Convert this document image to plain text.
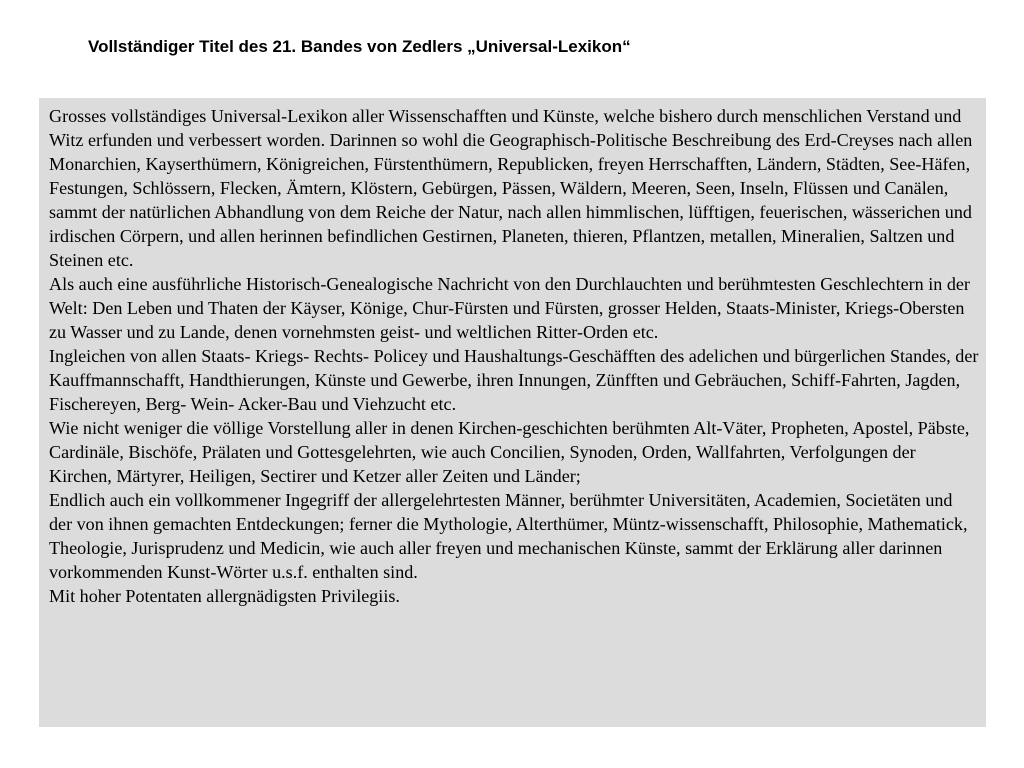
Vollständiger Titel des 21. Bandes von Zedlers „Universal-Lexikon“

Grosses vollständiges Universal-Lexikon aller Wissenschafften und Künste, welche bishero durch menschlichen Verstand und Witz erfunden und verbessert worden. Darinnen so wohl die Geographisch-Politische Beschreibung des Erd-Creyses nach allen Monarchien, Kayserthümern, Königreichen, Fürstenthümern, Republicken, freyen Herrschafften, Ländern, Städten, See-Häfen, Festungen, Schlössern, Flecken, Ämtern, Klöstern, Gebürgen, Pässen, Wäldern, Meeren, Seen, Inseln, Flüssen und Canälen, sammt der natürlichen Abhandlung von dem Reiche der Natur, nach allen himmlischen, lüfftigen, feuerischen, wässerichen und irdischen Cörpern, und allen herinnen befindlichen Gestirnen, Planeten, thieren, Pflantzen, metallen, Mineralien, Saltzen und Steinen etc.

Als auch eine ausführliche Historisch-Genealogische Nachricht von den Durchlauchten und berühmtesten Geschlechtern in der Welt: Den Leben und Thaten der Käyser, Könige, Chur-Fürsten und Fürsten, grosser Helden, Staats-Minister, Kriegs-Obersten zu Wasser und zu Lande, denen vornehmsten geist- und weltlichen Ritter-Orden etc.

Ingleichen von allen Staats- Kriegs- Rechts- Policey und Haushaltungs-Geschäfften des adelichen und bürgerlichen Standes, der Kauffmannschafft, Handthierungen, Künste und Gewerbe, ihren Innungen, Zünfften und Gebräuchen, Schiff-Fahrten, Jagden, Fischereyen, Berg- Wein- Acker-Bau und Viehzucht etc.

Wie nicht weniger die völlige Vorstellung aller in denen Kirchen-geschichten berühmten Alt-Väter, Propheten, Apostel, Päbste, Cardinäle, Bischöfe, Prälaten und Gottesgelehrten, wie auch Concilien, Synoden, Orden, Wallfahrten, Verfolgungen der Kirchen, Märtyrer, Heiligen, Sectirer und Ketzer aller Zeiten und Länder;

Endlich auch ein vollkommener Ingegriff der allergelehrtesten Männer, berühmter Universitäten, Academien, Societäten und der von ihnen gemachten Entdeckungen; ferner die Mythologie, Alterthümer, Müntz-wissenschafft, Philosophie, Mathematick, Theologie, Jurisprudenz und Medicin, wie auch aller freyen und mechanischen Künste, sammt der Erklärung aller darinnen vorkommenden Kunst-Wörter u.s.f. enthalten sind.

Mit hoher Potentaten allergnädigsten Privilegiis.
